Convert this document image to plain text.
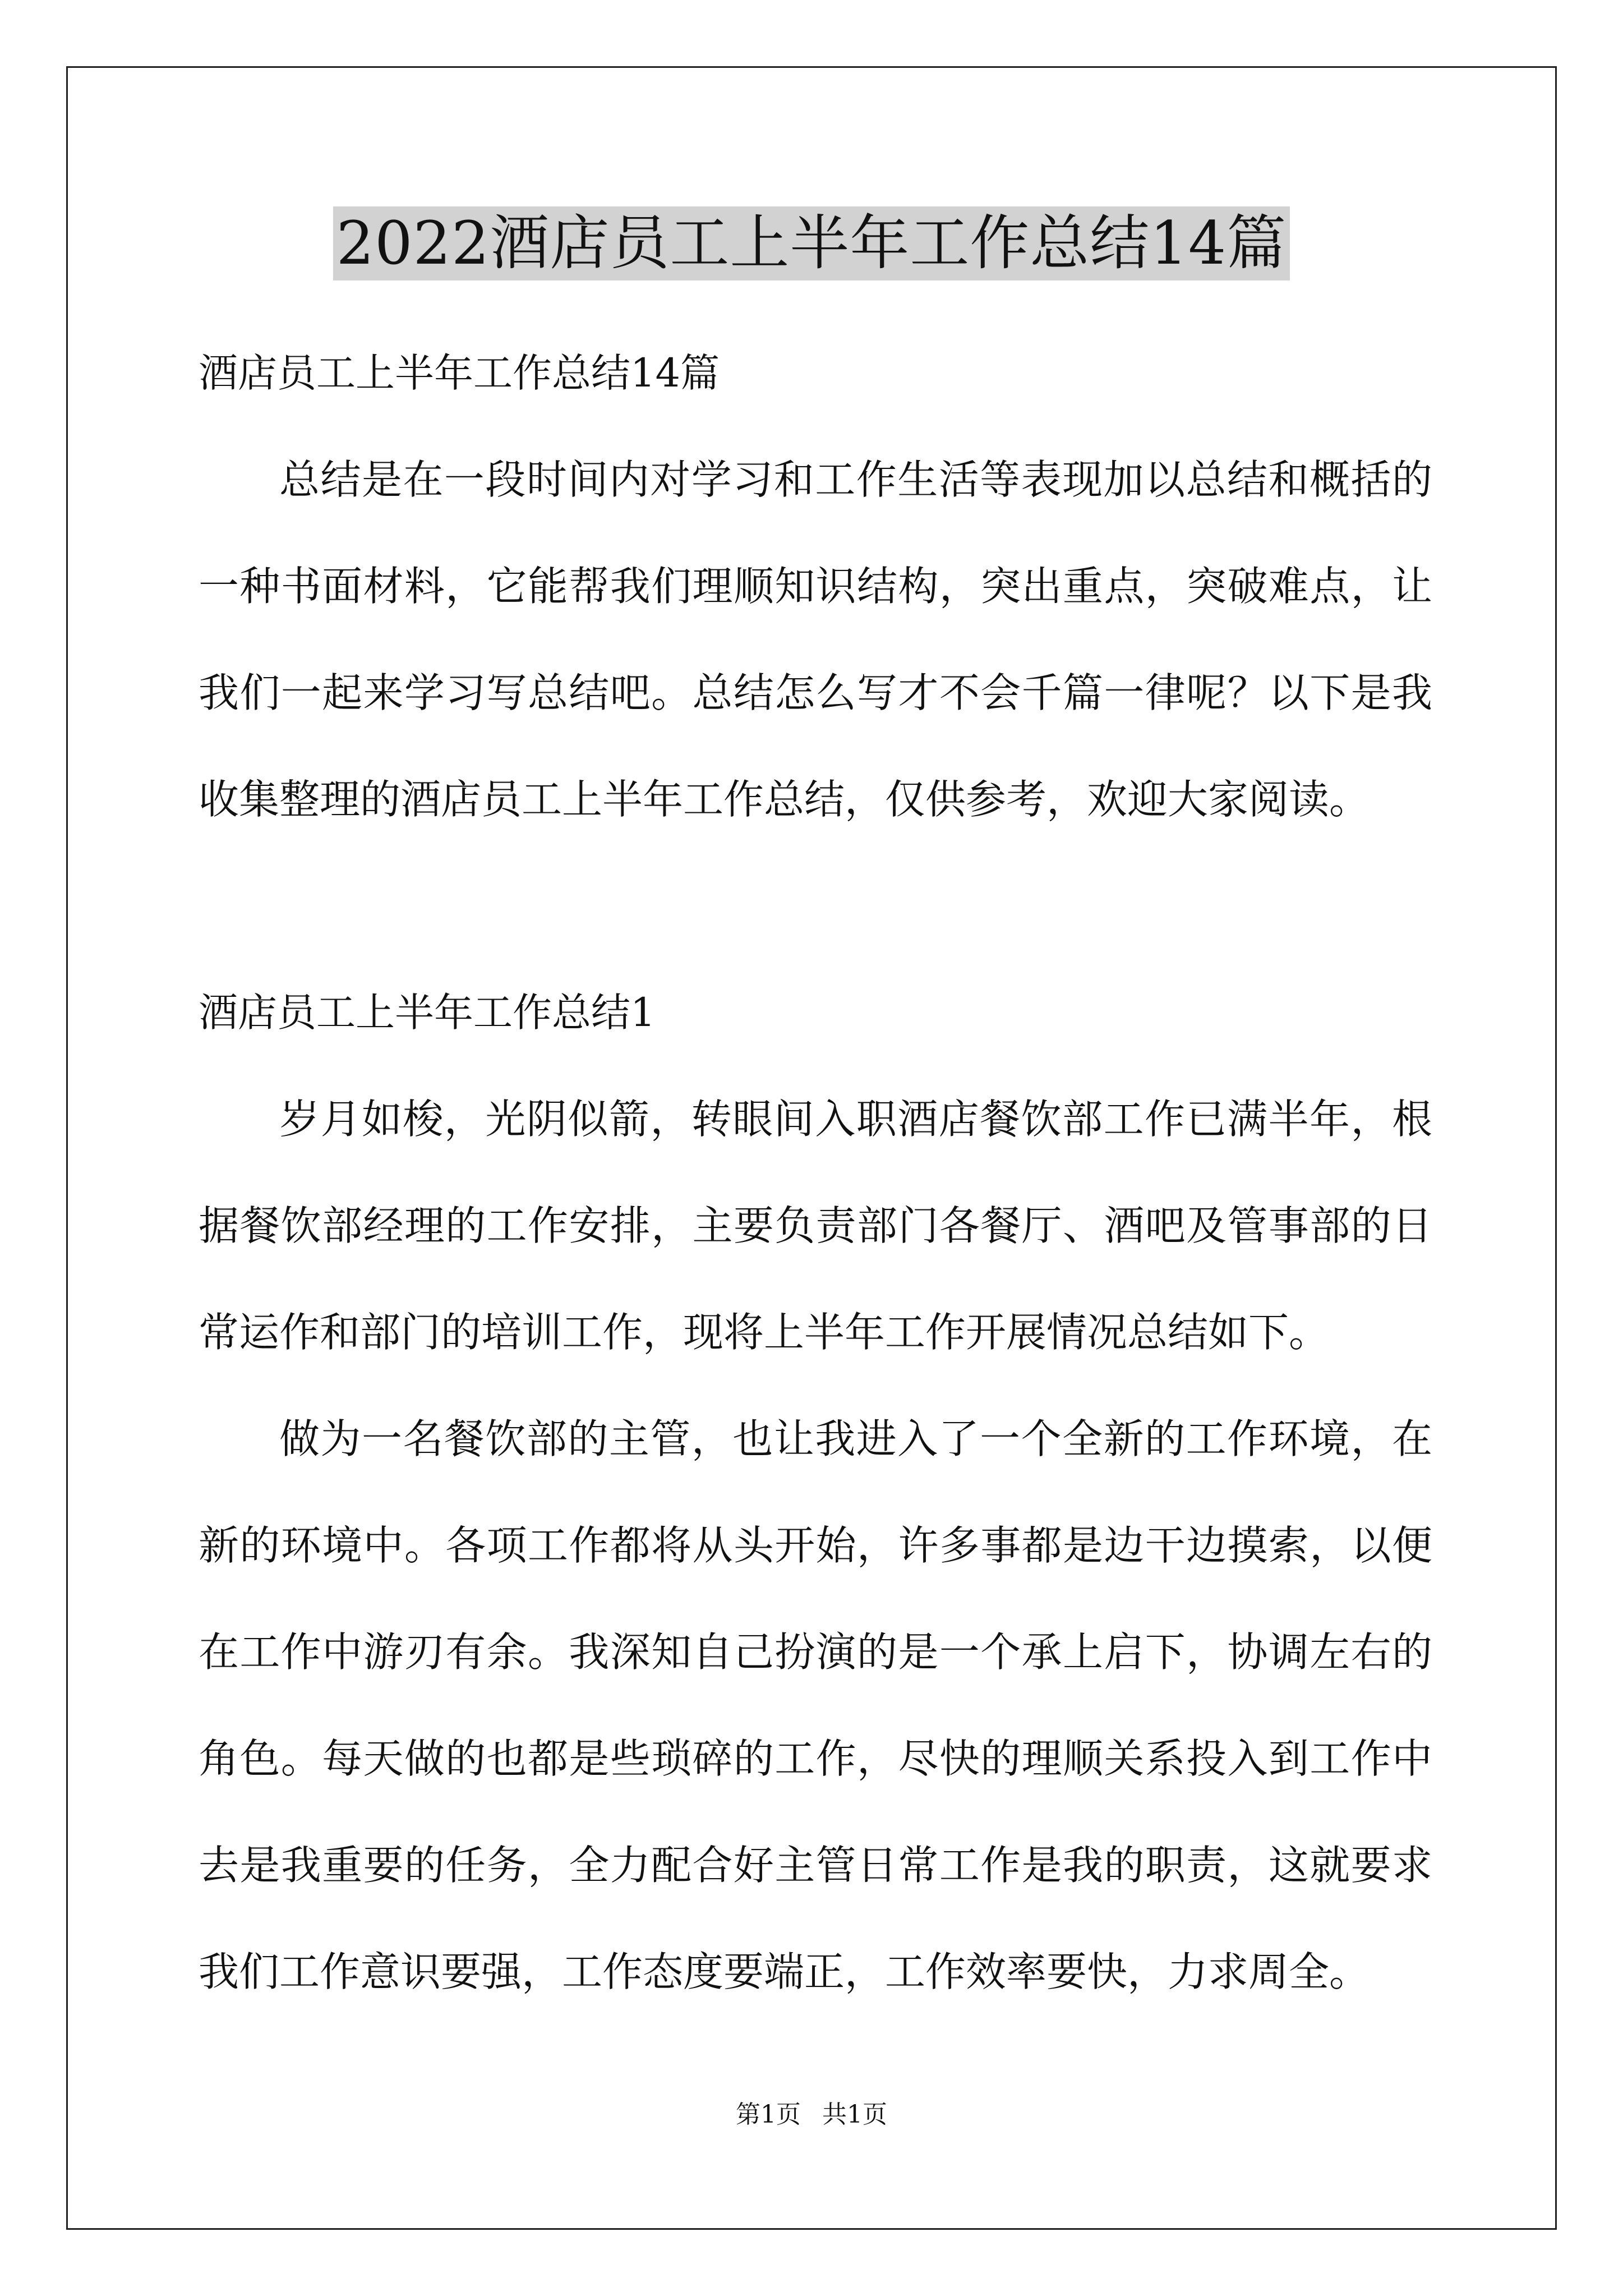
2022酒店员工上半年工作总结14篇
酒店员工上半年工作总结14篇
总结是在一段时间内对学习和工作生活等表现加以总结和概括的
一种书面材料，它能帮我们理顺知识结构，突出重点，突破难点，让
我们一起来学习写总结吧。总结怎么写才不会千篇一律呢？以下是我
收集整理的酒店员工上半年工作总结，仅供参考，欢迎大家阅读。
酒店员工上半年工作总结1
岁月如梭，光阴似箭，转眼间入职酒店餐饮部工作已满半年，根
据餐饮部经理的工作安排，主要负责部门各餐厅、酒吧及管事部的日
常运作和部门的培训工作，现将上半年工作开展情况总结如下。
做为一名餐饮部的主管，也让我进入了一个全新的工作环境，在
新的环境中。各项工作都将从头开始，许多事都是边干边摸索，以便
在工作中游刃有余。我深知自己扮演的是一个承上启下，协调左右的
角色。每天做的也都是些琐碎的工作，尽快的理顺关系投入到工作中
去是我重要的任务，全力配合好主管日常工作是我的职责，这就要求
我们工作意识要强，工作态度要端正，工作效率要快，力求周全。
第1页 共1页
